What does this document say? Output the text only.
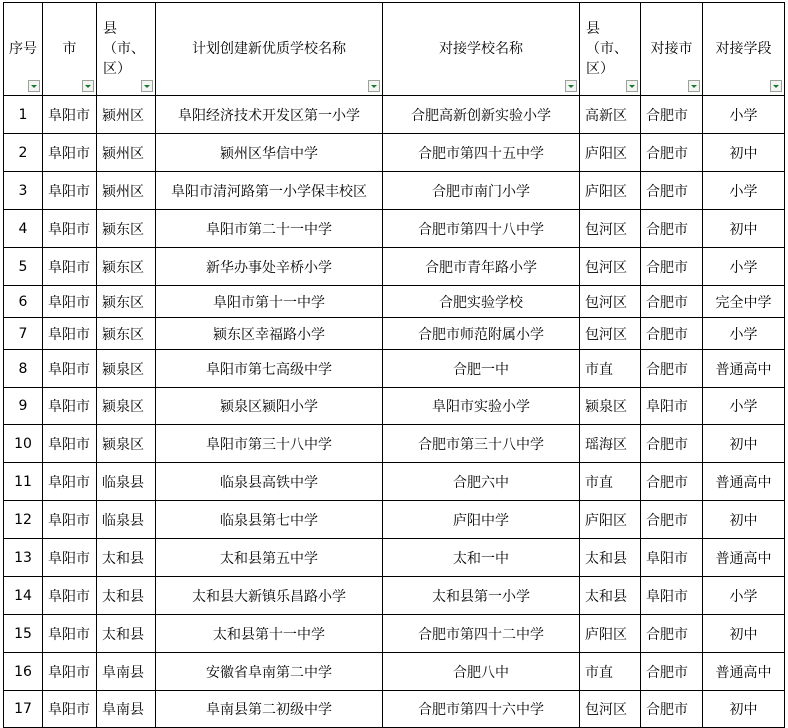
序号	市	县（市、区）	计划创建新优质学校名称	对接学校名称	县（市、区）	对接市	对接学段

1	阜阳市	颍州区	阜阳经济技术开发区第一小学	合肥高新创新实验小学	高新区	合肥市	小学
2	阜阳市	颍州区	颍州区华信中学	合肥市第四十五中学	庐阳区	合肥市	初中
3	阜阳市	颍州区	阜阳市清河路第一小学保丰校区	合肥市南门小学	庐阳区	合肥市	小学
4	阜阳市	颍东区	阜阳市第二十一中学	合肥市第四十八中学	包河区	合肥市	初中
5	阜阳市	颍东区	新华办事处辛桥小学	合肥市青年路小学	包河区	合肥市	小学
6	阜阳市	颍东区	阜阳市第十一中学	合肥实验学校	包河区	合肥市	完全中学
7	阜阳市	颍东区	颍东区幸福路小学	合肥市师范附属小学	包河区	合肥市	小学
8	阜阳市	颍泉区	阜阳市第七高级中学	合肥一中	市直	合肥市	普通高中
9	阜阳市	颍泉区	颍泉区颍阳小学	阜阳市实验小学	颍泉区	阜阳市	小学
10	阜阳市	颍泉区	阜阳市第三十八中学	合肥市第三十八中学	瑶海区	合肥市	初中
11	阜阳市	临泉县	临泉县高铁中学	合肥六中	市直	合肥市	普通高中
12	阜阳市	临泉县	临泉县第七中学	庐阳中学	庐阳区	合肥市	初中
13	阜阳市	太和县	太和县第五中学	太和一中	太和县	阜阳市	普通高中
14	阜阳市	太和县	太和县大新镇乐昌路小学	太和县第一小学	太和县	阜阳市	小学
15	阜阳市	太和县	太和县第十一中学	合肥市第四十二中学	庐阳区	合肥市	初中
16	阜阳市	阜南县	安徽省阜南第二中学	合肥八中	市直	合肥市	普通高中
17	阜阳市	阜南县	阜南县第二初级中学	合肥市第四十六中学	包河区	合肥市	初中
